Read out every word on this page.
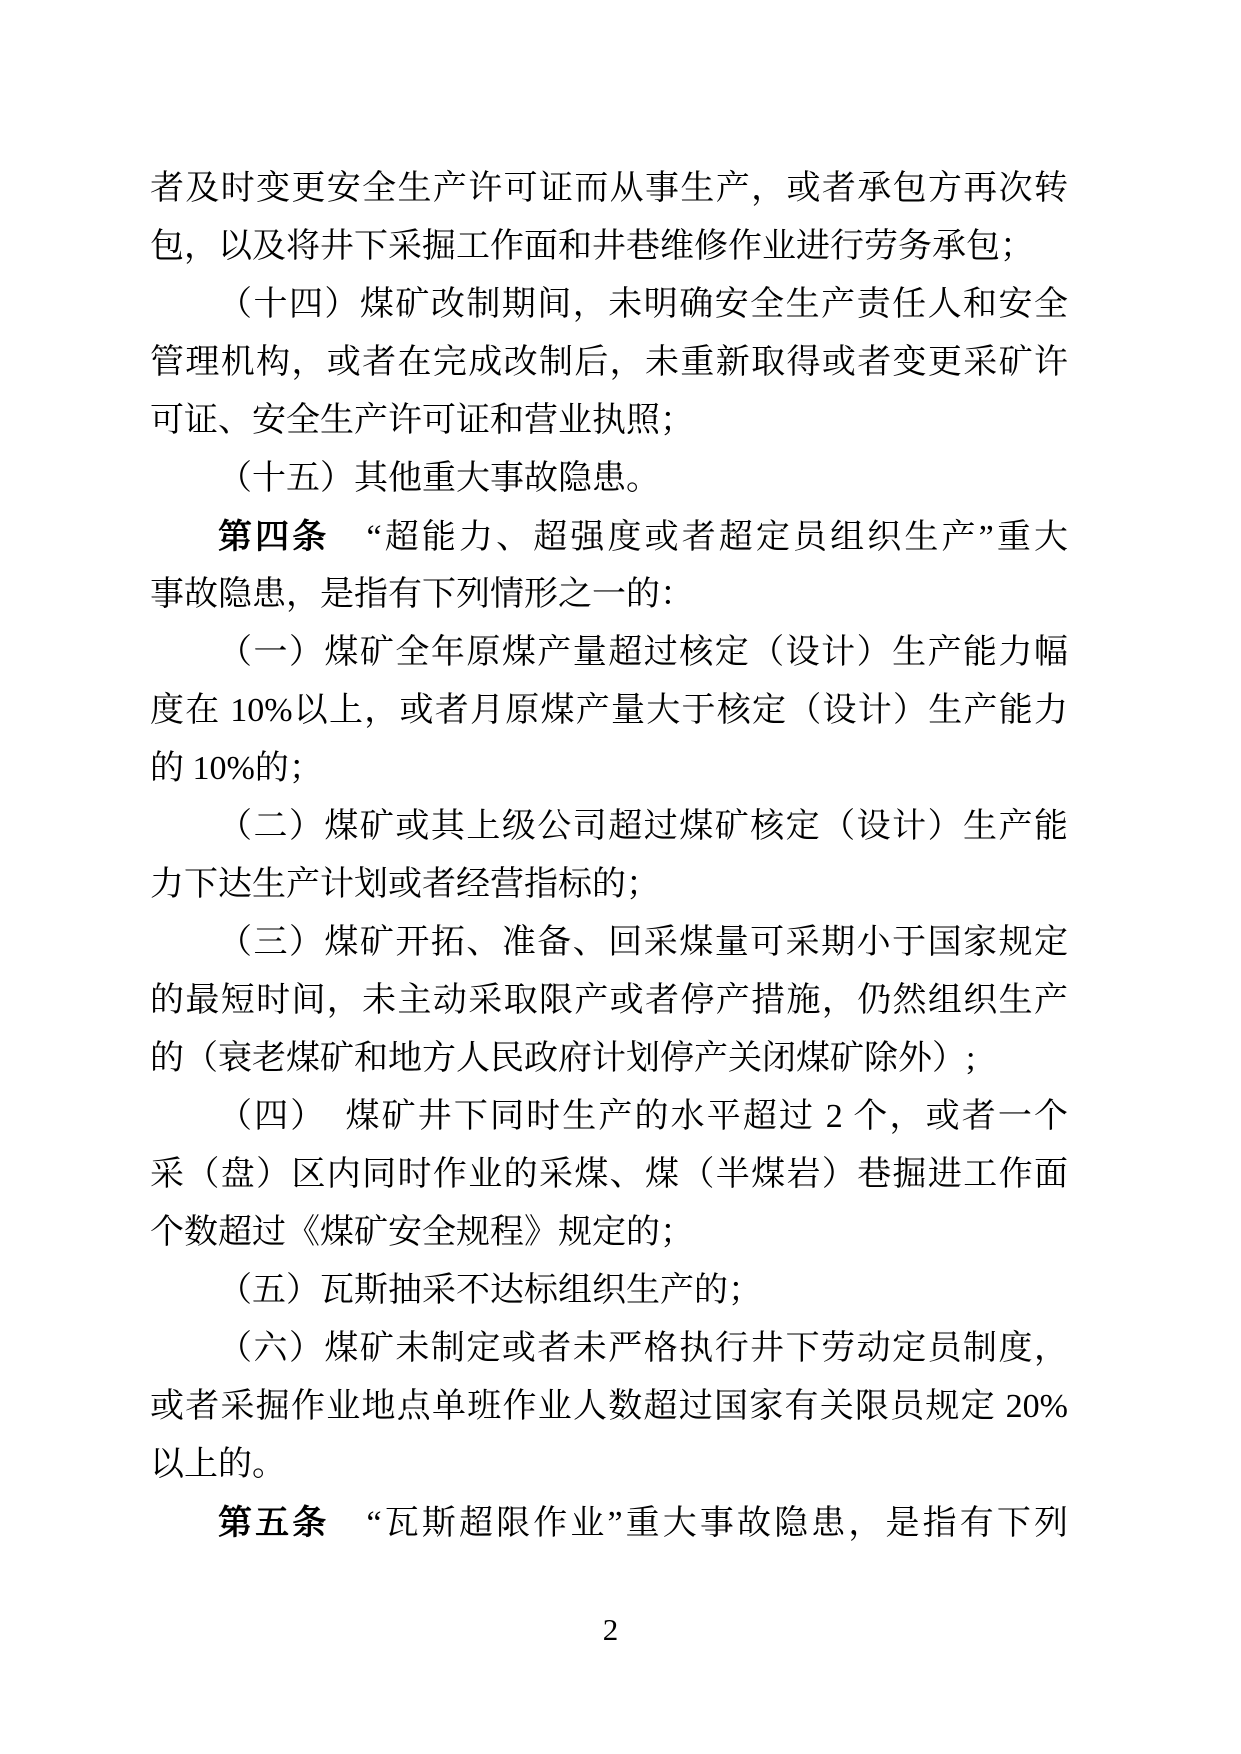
者及时变更安全生产许可证而从事生产，或者承包方再次转
包，以及将井下采掘工作面和井巷维修作业进行劳务承包；
（十四）煤矿改制期间，未明确安全生产责任人和安全
管理机构，或者在完成改制后，未重新取得或者变更采矿许
可证、安全生产许可证和营业执照；
（十五）其他重大事故隐患。
第四条　“超能力、超强度或者超定员组织生产”重大
事故隐患，是指有下列情形之一的：
（一）煤矿全年原煤产量超过核定（设计）生产能力幅
度在 10%以上，或者月原煤产量大于核定（设计）生产能力
的 10%的；
（二）煤矿或其上级公司超过煤矿核定（设计）生产能
力下达生产计划或者经营指标的；
（三）煤矿开拓、准备、回采煤量可采期小于国家规定
的最短时间，未主动采取限产或者停产措施，仍然组织生产
的（衰老煤矿和地方人民政府计划停产关闭煤矿除外）;
（四）　煤矿井下同时生产的水平超过 2 个，或者一个
采（盘）区内同时作业的采煤、煤（半煤岩）巷掘进工作面
个数超过《煤矿安全规程》规定的；
（五）瓦斯抽采不达标组织生产的；
（六）煤矿未制定或者未严格执行井下劳动定员制度，
或者采掘作业地点单班作业人数超过国家有关限员规定 20%
以上的。
第五条　“瓦斯超限作业”重大事故隐患，是指有下列
2
